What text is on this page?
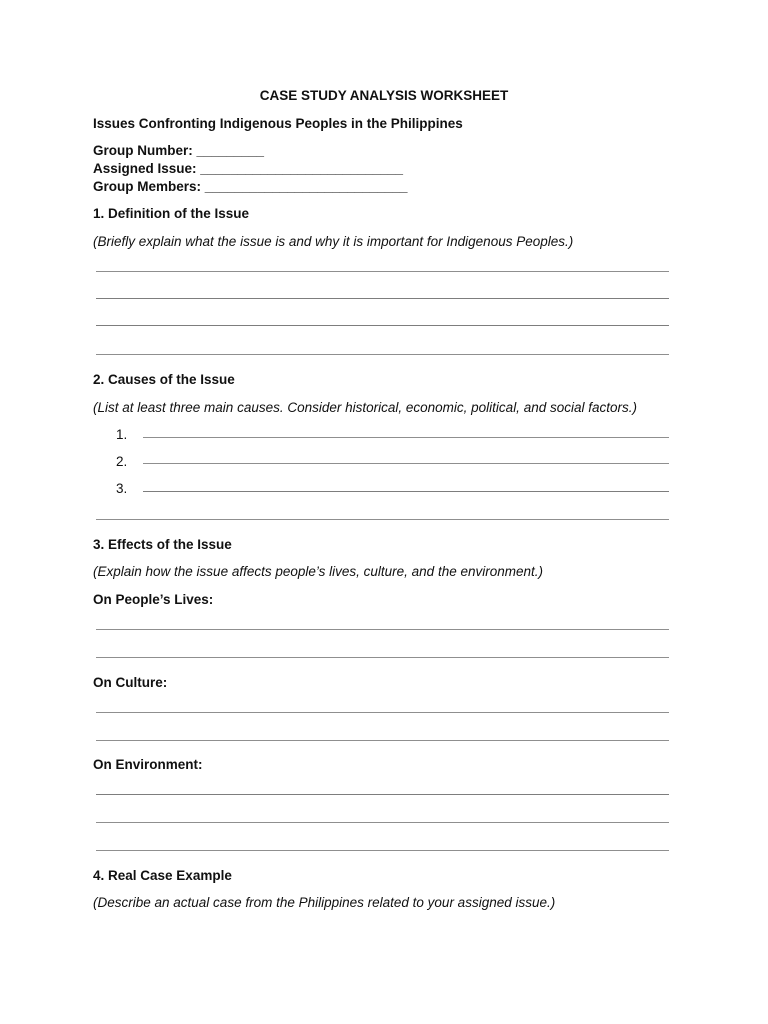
CASE STUDY ANALYSIS WORKSHEET
Issues Confronting Indigenous Peoples in the Philippines
Group Number: _________
Assigned Issue: ___________________________
Group Members: ___________________________
1. Definition of the Issue
(Briefly explain what the issue is and why it is important for Indigenous Peoples.)
2. Causes of the Issue
(List at least three main causes. Consider historical, economic, political, and social factors.)
1.
2.
3.
3. Effects of the Issue
(Explain how the issue affects people’s lives, culture, and the environment.)
On People’s Lives:
On Culture:
On Environment:
4. Real Case Example
(Describe an actual case from the Philippines related to your assigned issue.)
